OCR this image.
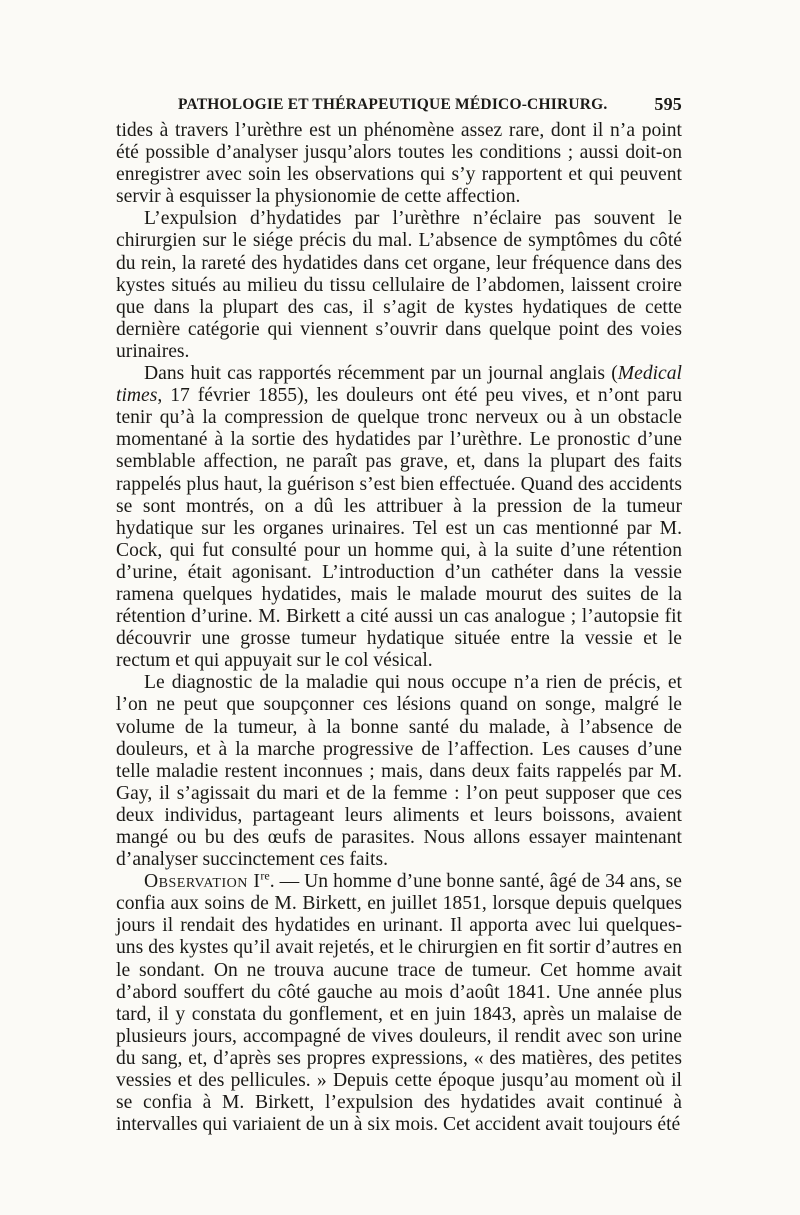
PATHOLOGIE ET THÉRAPEUTIQUE MÉDICO-CHIRURG.	595

tides à travers l’urèthre est un phénomène assez rare, dont il n’a point été possible d’analyser jusqu’alors toutes les conditions ; aussi doit-on enregistrer avec soin les observations qui s’y rapportent et qui peuvent servir à esquisser la physionomie de cette affection.

L’expulsion d’hydatides par l’urèthre n’éclaire pas souvent le chirurgien sur le siége précis du mal. L’absence de symptômes du côté du rein, la rareté des hydatides dans cet organe, leur fréquence dans des kystes situés au milieu du tissu cellulaire de l’abdomen, laissent croire que dans la plupart des cas, il s’agit de kystes hydatiques de cette dernière catégorie qui viennent s’ouvrir dans quelque point des voies urinaires.

Dans huit cas rapportés récemment par un journal anglais (Medical times, 17 février 1855), les douleurs ont été peu vives, et n’ont paru tenir qu’à la compression de quelque tronc nerveux ou à un obstacle momentané à la sortie des hydatides par l’urèthre. Le pronostic d’une semblable affection, ne paraît pas grave, et, dans la plupart des faits rappelés plus haut, la guérison s’est bien effectuée. Quand des accidents se sont montrés, on a dû les attribuer à la pression de la tumeur hydatique sur les organes urinaires. Tel est un cas mentionné par M. Cock, qui fut consulté pour un homme qui, à la suite d’une rétention d’urine, était agonisant. L’introduction d’un cathéter dans la vessie ramena quelques hydatides, mais le malade mourut des suites de la rétention d’urine. M. Birkett a cité aussi un cas analogue ; l’autopsie fit découvrir une grosse tumeur hydatique située entre la vessie et le rectum et qui appuyait sur le col vésical.

Le diagnostic de la maladie qui nous occupe n’a rien de précis, et l’on ne peut que soupçonner ces lésions quand on songe, malgré le volume de la tumeur, à la bonne santé du malade, à l’absence de douleurs, et à la marche progressive de l’affection. Les causes d’une telle maladie restent inconnues ; mais, dans deux faits rappelés par M. Gay, il s’agissait du mari et de la femme : l’on peut supposer que ces deux individus, partageant leurs aliments et leurs boissons, avaient mangé ou bu des œufs de parasites. Nous allons essayer maintenant d’analyser succinctement ces faits.

Observation Ire. — Un homme d’une bonne santé, âgé de 34 ans, se confia aux soins de M. Birkett, en juillet 1851, lorsque depuis quelques jours il rendait des hydatides en urinant. Il apporta avec lui quelques-uns des kystes qu’il avait rejetés, et le chirurgien en fit sortir d’autres en le sondant. On ne trouva aucune trace de tumeur. Cet homme avait d’abord souffert du côté gauche au mois d’août 1841. Une année plus tard, il y constata du gonflement, et en juin 1843, après un malaise de plusieurs jours, accompagné de vives douleurs, il rendit avec son urine du sang, et, d’après ses propres expressions, « des matières, des petites vessies et des pellicules. » Depuis cette époque jusqu’au moment où il se confia à M. Birkett, l’expulsion des hydatides avait continué à intervalles qui variaient de un à six mois. Cet accident avait toujours été
